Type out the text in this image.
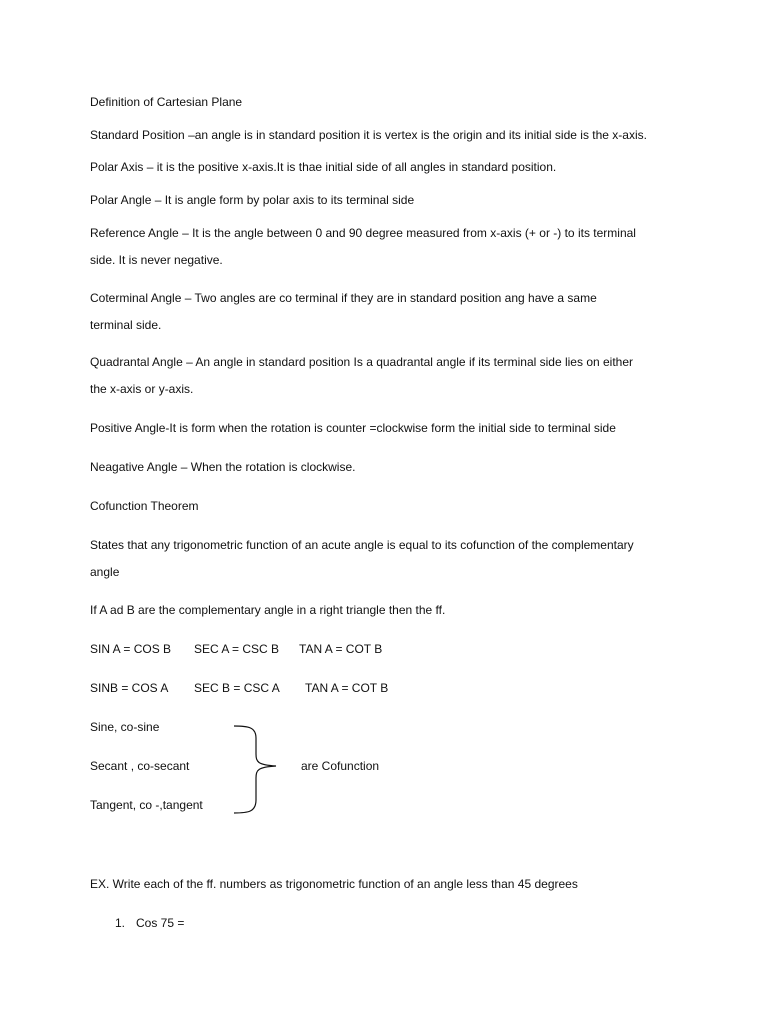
Definition of Cartesian Plane
Standard Position –an angle is in standard position it is vertex is the origin and its initial side is the x-axis.
Polar Axis – it is the positive x-axis.It is thae initial side of all angles in standard position.
Polar Angle – It is angle form by polar axis to its terminal side
Reference Angle – It is the angle between 0 and 90 degree measured from x-axis (+ or -) to its terminal
side. It is never negative.
Coterminal Angle – Two angles are co terminal if they are in standard position ang have a same
terminal side.
Quadrantal Angle – An angle in standard position Is a quadrantal angle if its terminal side lies on either
the x-axis or y-axis.
Positive Angle-It is form when the rotation is counter =clockwise form the initial side to terminal side
Neagative Angle – When the rotation is clockwise.
Cofunction Theorem
States that any trigonometric function of an acute angle is equal to its cofunction of the complementary
angle
If A ad B are the complementary angle in a right triangle then the ff.
SIN A = COS B SEC A = CSC B TAN A = COT B
SINB = COS A SEC B = CSC A TAN A = COT B
Sine, co-sine
Secant , co-secant
Tangent, co -,tangent
are Cofunction
EX. Write each of the ff. numbers as trigonometric function of an angle less than 45 degrees
1. Cos 75 =
